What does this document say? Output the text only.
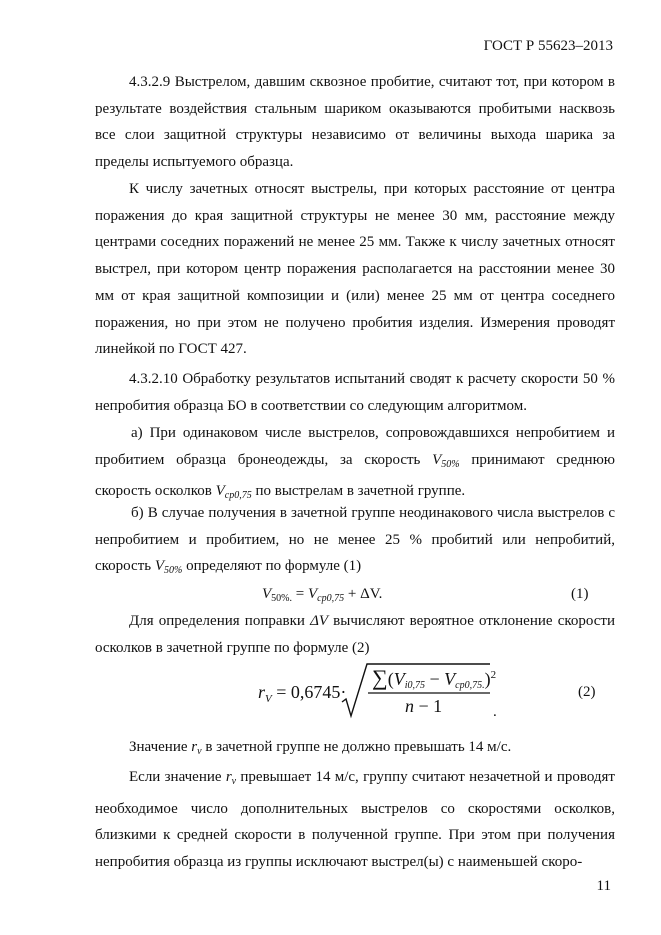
ГОСТ Р 55623–2013

4.3.2.9 Выстрелом, давшим сквозное пробитие, считают тот, при котором в результате воздействия стальным шариком оказываются пробитыми насквозь все слои защитной структуры независимо от величины выхода шарика за пределы испытуемого образца.

К числу зачетных относят выстрелы, при которых расстояние от центра поражения до края защитной структуры не менее 30 мм, расстояние между центрами соседних поражений не менее 25 мм. Также к числу зачетных относят выстрел, при котором центр поражения располагается на расстоянии менее 30 мм от края защитной композиции и (или) менее 25 мм от центра соседнего поражения, но при этом не получено пробития изделия. Измерения проводят линейкой по ГОСТ 427.

4.3.2.10 Обработку результатов испытаний сводят к расчету скорости 50 % непробития образца БО в соответствии со следующим алгоритмом.

а) При одинаковом числе выстрелов, сопровождавшихся непробитием и пробитием образца бронеодежды, за скорость $V_{50\%}$ принимают среднюю скорость осколков $V_{ср0,75}$ по выстрелам в зачетной группе.

б) В случае получения в зачетной группе неодинакового числа выстрелов с непробитием и пробитием, но не менее 25 % пробитий или непробитий, скорость $V_{50\%}$ определяют по формуле (1)

$V_{50\%.} = V_{ср0,75} + \Delta V$.	(1)

Для определения поправки ΔV вычисляют вероятное отклонение скорости осколков в зачетной группе по формуле (2)

$r_V = 0,6745\cdot$
$\sum(V_{i0,75} - V_{ср0,75.})^2$
n − 1	.
(2)

Значение $r_v$ в зачетной группе не должно превышать 14 м/с.

Если значение $r_v$ превышает 14 м/с, группу считают незачетной и проводят необходимое число дополнительных выстрелов со скоростями осколков, близкими к средней скорости в полученной группе. При этом при получения непробития образца из группы исключают выстрел(ы) с наименьшей скоро-

11
